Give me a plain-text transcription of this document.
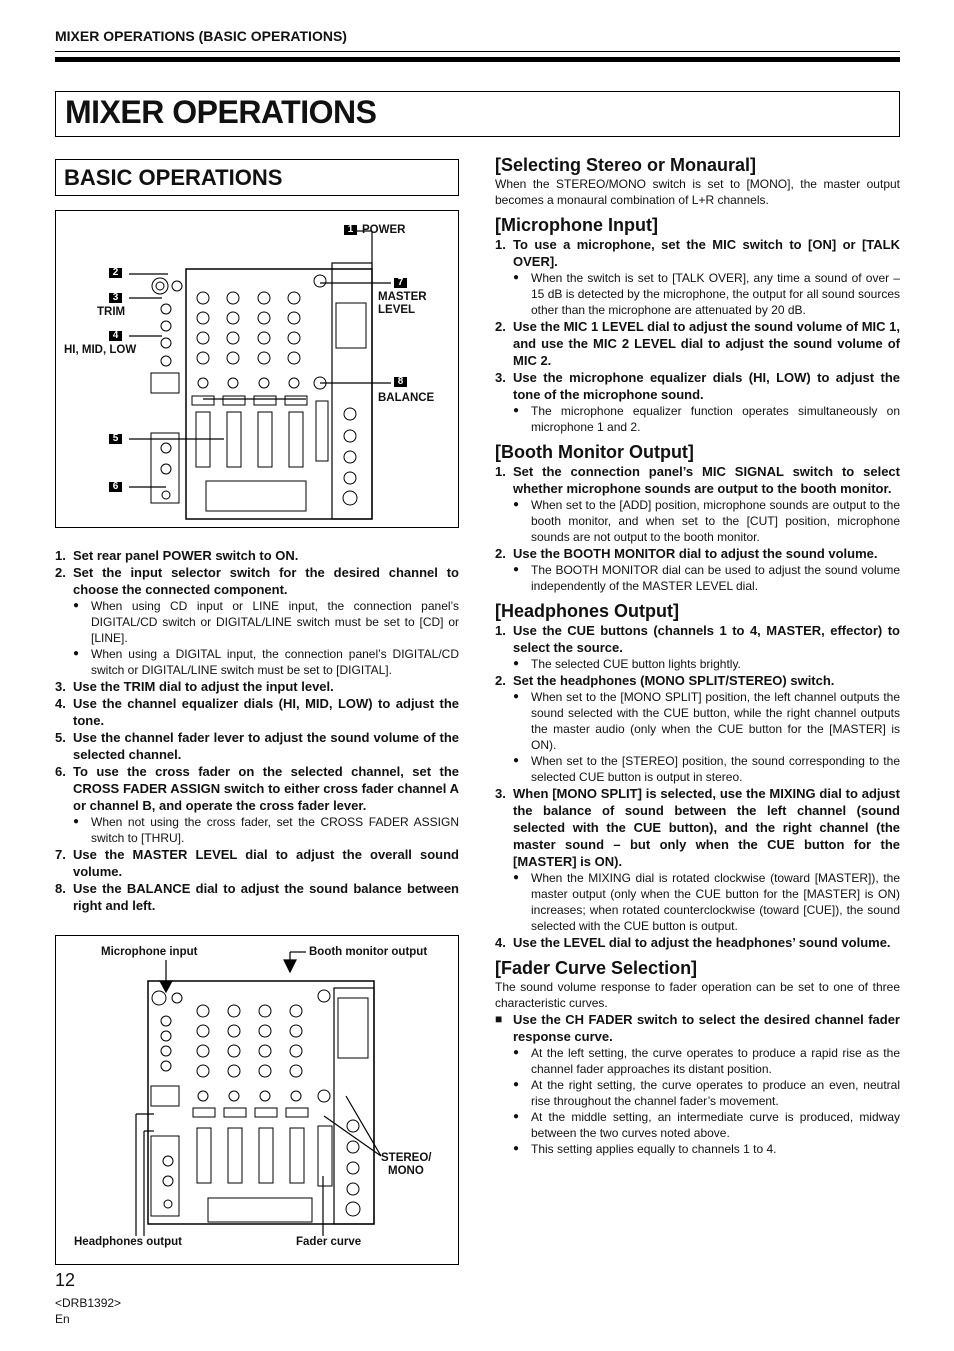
MIXER OPERATIONS (BASIC OPERATIONS)
MIXER OPERATIONS
BASIC OPERATIONS
1 POWER
2
3
TRIM
4
HI, MID, LOW
5
6
7
MASTER
LEVEL
8
BALANCE

1. Set rear panel POWER switch to ON.

2. Set the input selector switch for the desired channel to choose the connected component.

● When using CD input or LINE input, the connection panel’s DIGITAL/CD switch or DIGITAL/LINE switch must be set to [CD] or [LINE].

● When using a DIGITAL input, the connection panel’s DIGITAL/CD switch or DIGITAL/LINE switch must be set to [DIGITAL].

3. Use the TRIM dial to adjust the input level.

4. Use the channel equalizer dials (HI, MID, LOW) to adjust the tone.

5. Use the channel fader lever to adjust the sound volume of the selected channel.

6. To use the cross fader on the selected channel, set the CROSS FADER ASSIGN switch to either cross fader channel A or channel B, and operate the cross fader lever.

● When not using the cross fader, set the CROSS FADER ASSIGN switch to [THRU].

7. Use the MASTER LEVEL dial to adjust the overall sound volume.

8. Use the BALANCE dial to adjust the sound balance between right and left.

Microphone input	Booth monitor output
STEREO/
MONO
Headphones output	Fader curve

[Selecting Stereo or Monaural]

When the STEREO/MONO switch is set to [MONO], the master output becomes a monaural combination of L+R channels.

[Microphone Input]

1. To use a microphone, set the MIC switch to [ON] or [TALK OVER].

● When the switch is set to [TALK OVER], any time a sound of over –15 dB is detected by the microphone, the output for all sound sources other than the microphone are attenuated by 20 dB.

2. Use the MIC 1 LEVEL dial to adjust the sound volume of MIC 1, and use the MIC 2 LEVEL dial to adjust the sound volume of MIC 2.

3. Use the microphone equalizer dials (HI, LOW) to adjust the tone of the microphone sound.

● The microphone equalizer function operates simultaneously on microphone 1 and 2.

[Booth Monitor Output]

1. Set the connection panel’s MIC SIGNAL switch to select whether microphone sounds are output to the booth monitor.

● When set to the [ADD] position, microphone sounds are output to the booth monitor, and when set to the [CUT] position, microphone sounds are not output to the booth monitor.

2. Use the BOOTH MONITOR dial to adjust the sound volume.

● The BOOTH MONITOR dial can be used to adjust the sound volume independently of the MASTER LEVEL dial.

[Headphones Output]

1. Use the CUE buttons (channels 1 to 4, MASTER, effector) to select the source.

● The selected CUE button lights brightly.

2. Set the headphones (MONO SPLIT/STEREO) switch.

● When set to the [MONO SPLIT] position, the left channel outputs the sound selected with the CUE button, while the right channel outputs the master audio (only when the CUE button for the [MASTER] is ON).

● When set to the [STEREO] position, the sound corresponding to the selected CUE button is output in stereo.

3. When [MONO SPLIT] is selected, use the MIXING dial to adjust the balance of sound between the left channel (sound selected with the CUE button), and the right channel (the master sound – but only when the CUE button for the [MASTER] is ON).

● When the MIXING dial is rotated clockwise (toward [MASTER]), the master output (only when the CUE button for the [MASTER] is ON) increases; when rotated counterclockwise (toward [CUE]), the sound selected with the CUE button is output.

4. Use the LEVEL dial to adjust the headphones’ sound volume.

[Fader Curve Selection]

The sound volume response to fader operation can be set to one of three characteristic curves.

■ Use the CH FADER switch to select the desired channel fader response curve.

● At the left setting, the curve operates to produce a rapid rise as the channel fader approaches its distant position.

● At the right setting, the curve operates to produce an even, neutral rise throughout the channel fader’s movement.

● At the middle setting, an intermediate curve is produced, midway between the two curves noted above.

● This setting applies equally to channels 1 to 4.

12
<DRB1392>
En
